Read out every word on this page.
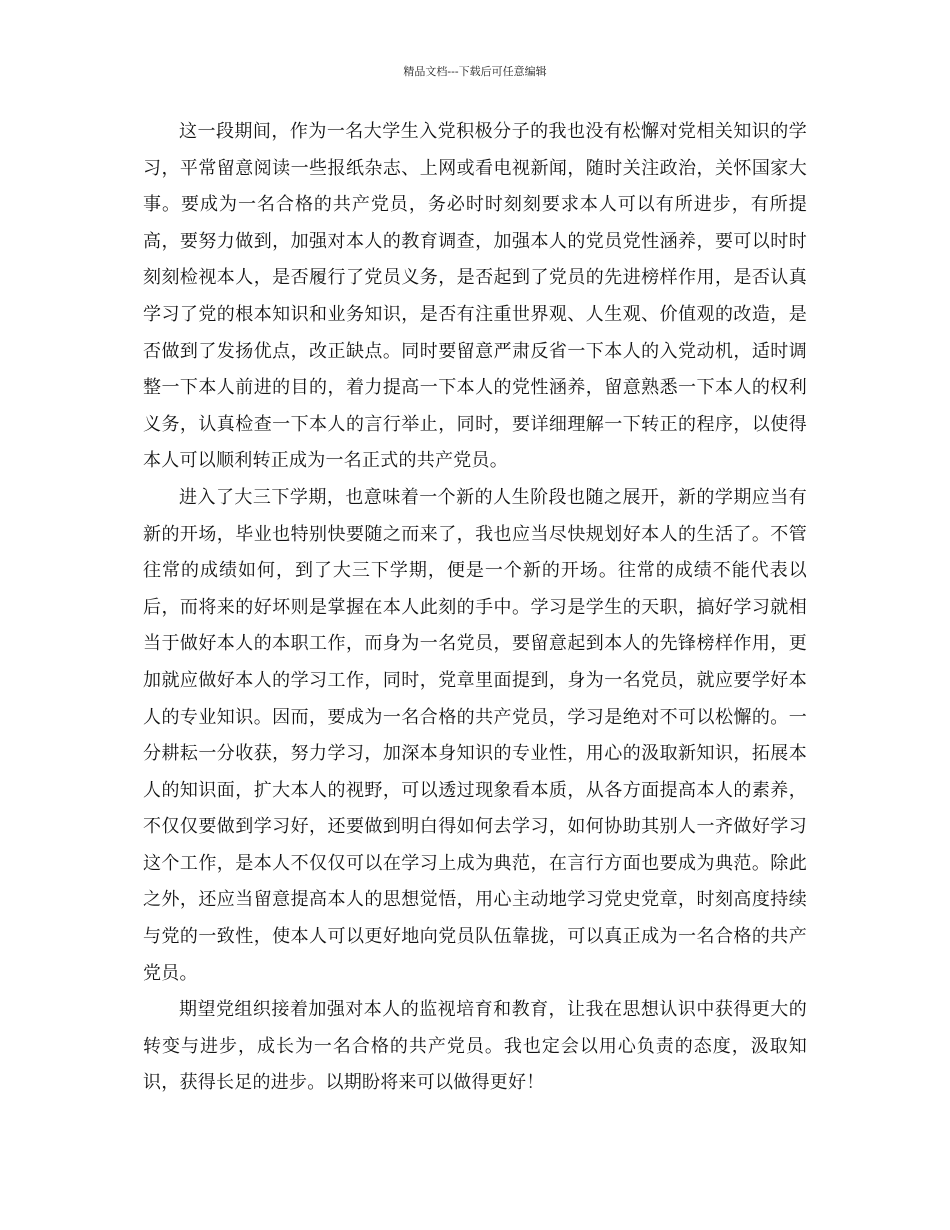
精品文档---下载后可任意编辑

这一段期间，作为一名大学生入党积极分子的我也没有松懈对党相关知识的学习，平常留意阅读一些报纸杂志、上网或看电视新闻，随时关注政治，关怀国家大事。要成为一名合格的共产党员，务必时时刻刻要求本人可以有所进步，有所提高，要努力做到，加强对本人的教育调查，加强本人的党员党性涵养，要可以时时刻刻检视本人，是否履行了党员义务，是否起到了党员的先进榜样作用，是否认真学习了党的根本知识和业务知识，是否有注重世界观、人生观、价值观的改造，是否做到了发扬优点，改正缺点。同时要留意严肃反省一下本人的入党动机，适时调整一下本人前进的目的，着力提高一下本人的党性涵养，留意熟悉一下本人的权利义务，认真检查一下本人的言行举止，同时，要详细理解一下转正的程序，以使得本人可以顺利转正成为一名正式的共产党员。

进入了大三下学期，也意味着一个新的人生阶段也随之展开，新的学期应当有新的开场，毕业也特别快要随之而来了，我也应当尽快规划好本人的生活了。不管往常的成绩如何，到了大三下学期，便是一个新的开场。往常的成绩不能代表以后，而将来的好坏则是掌握在本人此刻的手中。学习是学生的天职，搞好学习就相当于做好本人的本职工作，而身为一名党员，要留意起到本人的先锋榜样作用，更加就应做好本人的学习工作，同时，党章里面提到，身为一名党员，就应要学好本人的专业知识。因而，要成为一名合格的共产党员，学习是绝对不可以松懈的。一分耕耘一分收获，努力学习，加深本身知识的专业性，用心的汲取新知识，拓展本人的知识面，扩大本人的视野，可以透过现象看本质，从各方面提高本人的素养，不仅仅要做到学习好，还要做到明白得如何去学习，如何协助其别人一齐做好学习这个工作，是本人不仅仅可以在学习上成为典范，在言行方面也要成为典范。除此之外，还应当留意提高本人的思想觉悟，用心主动地学习党史党章，时刻高度持续与党的一致性，使本人可以更好地向党员队伍靠拢，可以真正成为一名合格的共产党员。

期望党组织接着加强对本人的监视培育和教育，让我在思想认识中获得更大的转变与进步，成长为一名合格的共产党员。我也定会以用心负责的态度，汲取知识，获得长足的进步。以期盼将来可以做得更好！
